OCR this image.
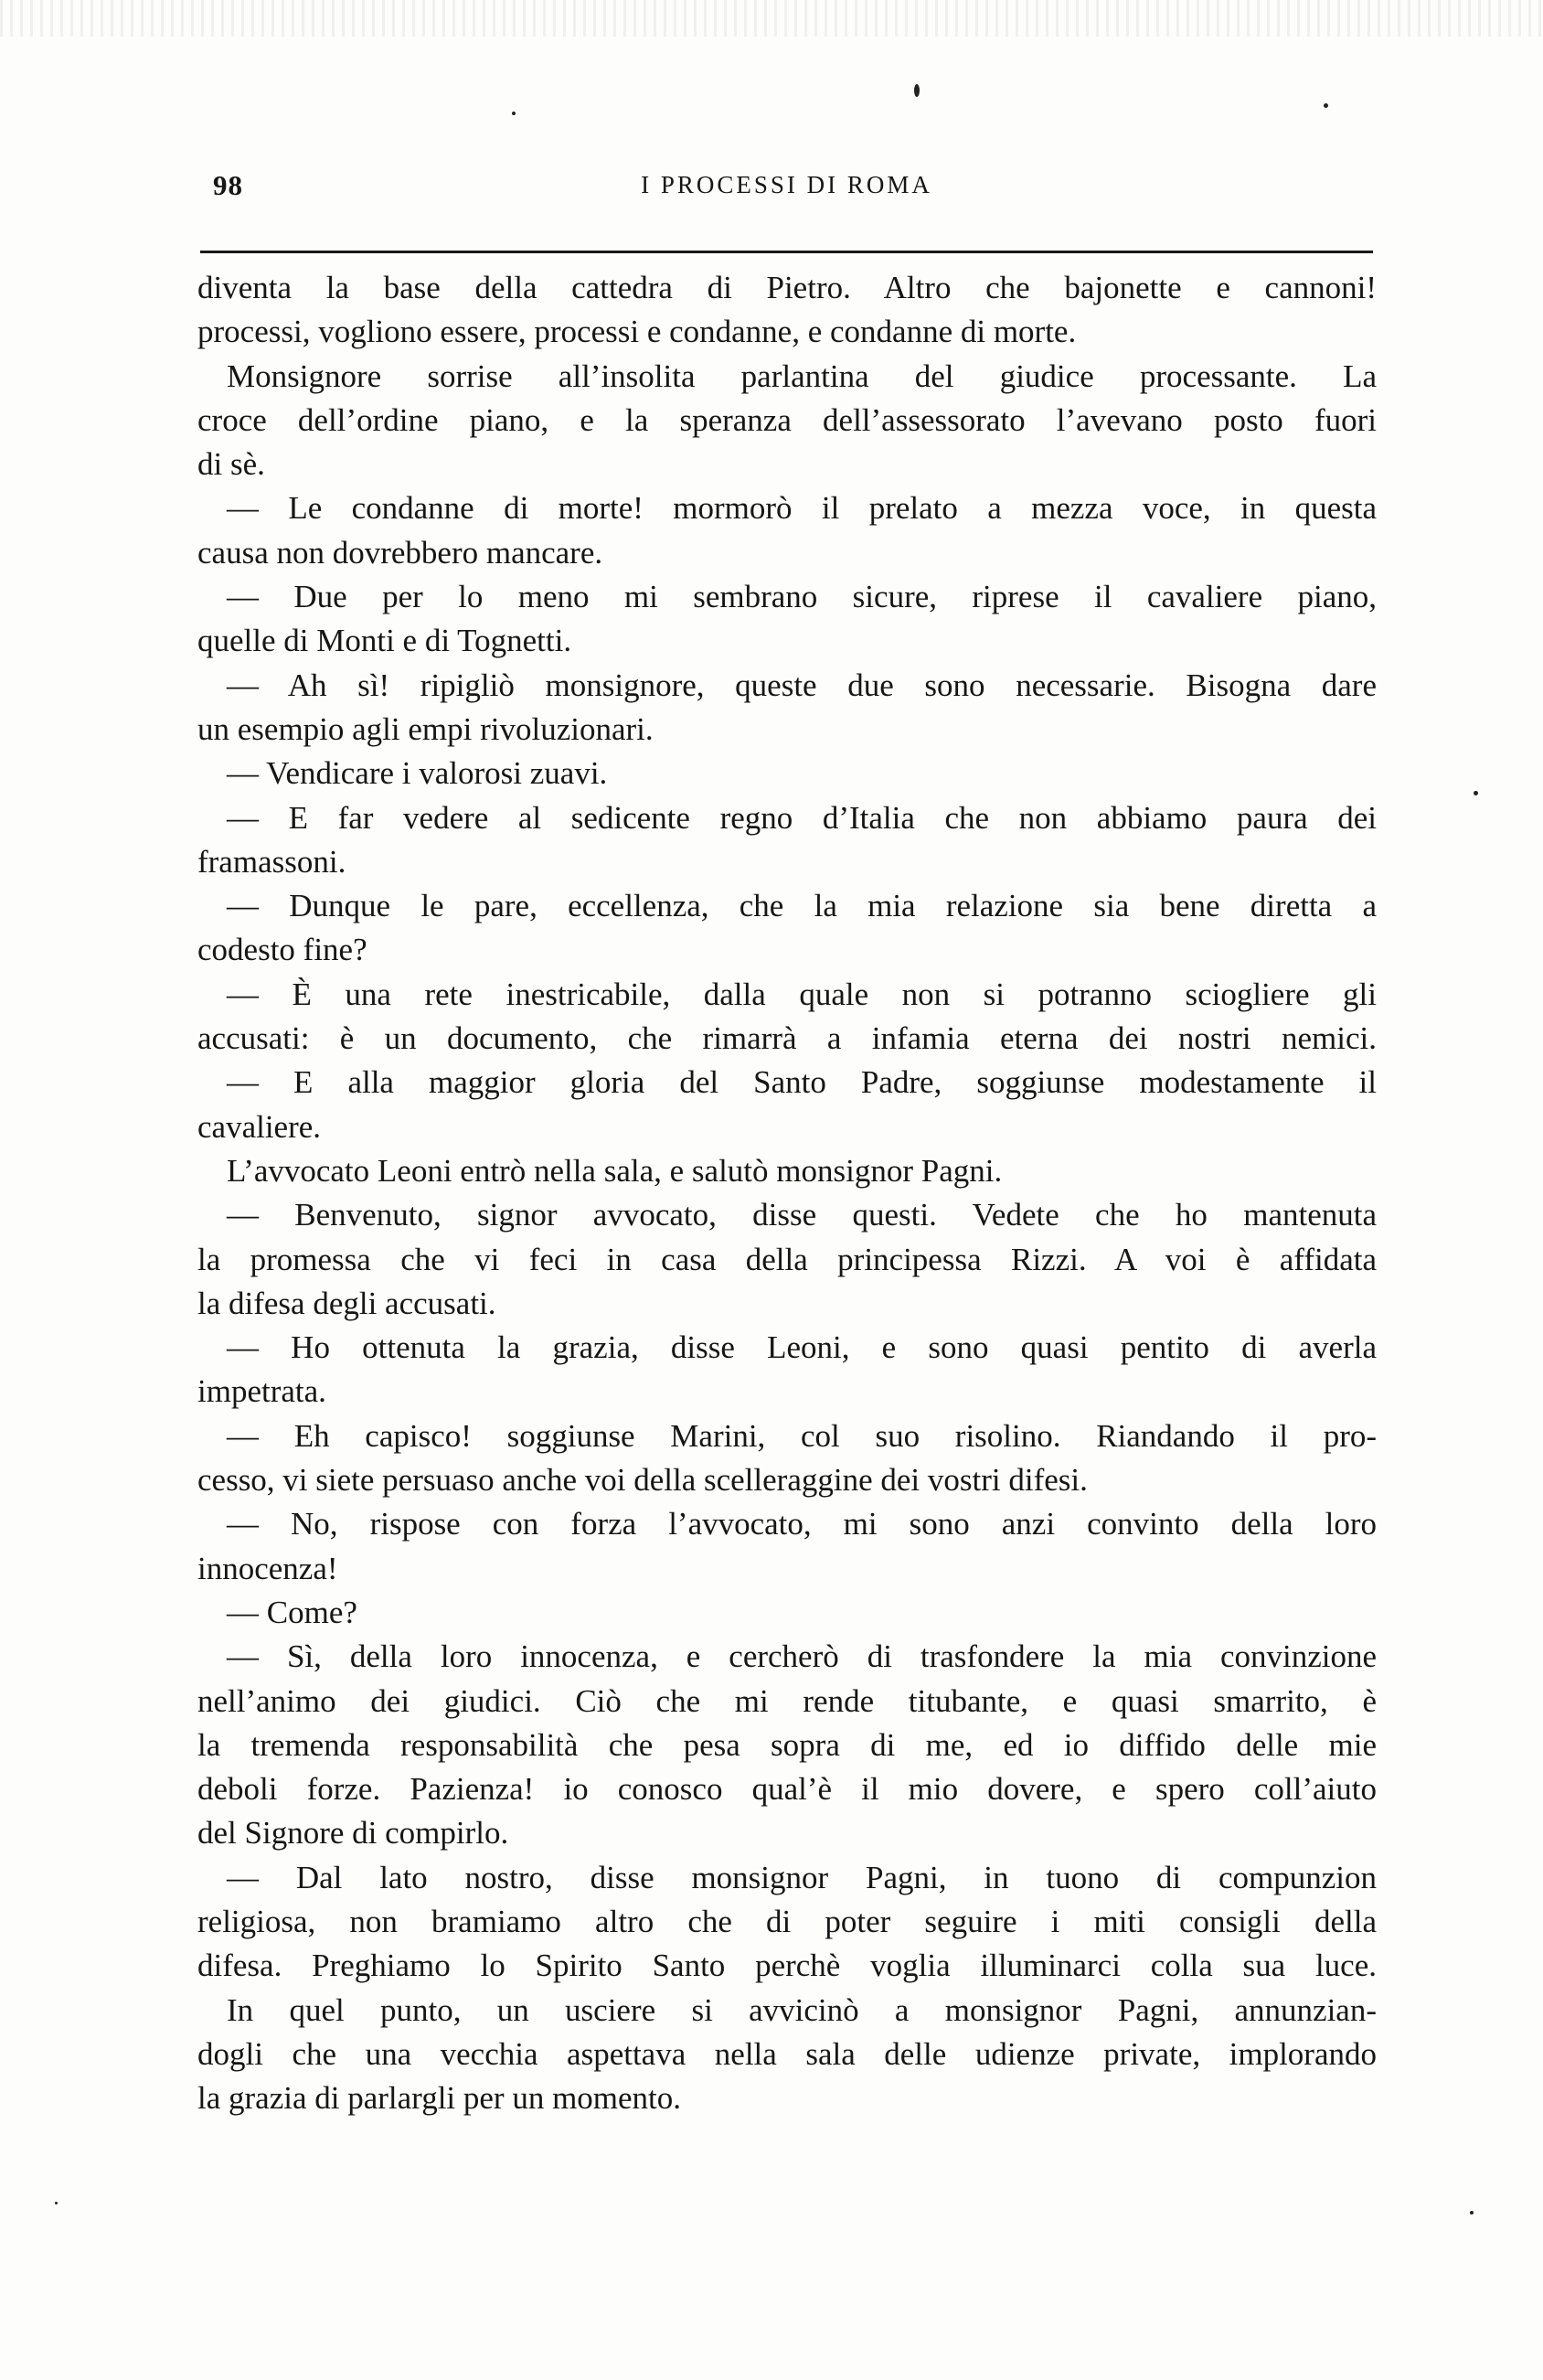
98	I PROCESSI DI ROMA
diventa la base della cattedra di Pietro. Altro che bajonette e cannoni!
processi, vogliono essere, processi e condanne, e condanne di morte.
Monsignore sorrise all’insolita parlantina del giudice processante. La
croce dell’ordine piano, e la speranza dell’assessorato l’avevano posto fuori
di sè.
— Le condanne di morte! mormorò il prelato a mezza voce, in questa
causa non dovrebbero mancare.
— Due per lo meno mi sembrano sicure, riprese il cavaliere piano,
quelle di Monti e di Tognetti.
— Ah sì! ripigliò monsignore, queste due sono necessarie. Bisogna dare
un esempio agli empi rivoluzionari.
— Vendicare i valorosi zuavi.
— E far vedere al sedicente regno d’Italia che non abbiamo paura dei
framassoni.
— Dunque le pare, eccellenza, che la mia relazione sia bene diretta a
codesto fine?
— È una rete inestricabile, dalla quale non si potranno sciogliere gli
accusati: è un documento, che rimarrà a infamia eterna dei nostri nemici.
— E alla maggior gloria del Santo Padre, soggiunse modestamente il
cavaliere.
L’avvocato Leoni entrò nella sala, e salutò monsignor Pagni.
— Benvenuto, signor avvocato, disse questi. Vedete che ho mantenuta
la promessa che vi feci in casa della principessa Rizzi. A voi è affidata
la difesa degli accusati.
— Ho ottenuta la grazia, disse Leoni, e sono quasi pentito di averla
impetrata.
— Eh capisco! soggiunse Marini, col suo risolino. Riandando il pro-
cesso, vi siete persuaso anche voi della scelleraggine dei vostri difesi.
— No, rispose con forza l’avvocato, mi sono anzi convinto della loro
innocenza!
— Come?
— Sì, della loro innocenza, e cercherò di trasfondere la mia convinzione
nell’animo dei giudici. Ciò che mi rende titubante, e quasi smarrito, è
la tremenda responsabilità che pesa sopra di me, ed io diffido delle mie
deboli forze. Pazienza! io conosco qual’è il mio dovere, e spero coll’aiuto
del Signore di compirlo.
— Dal lato nostro, disse monsignor Pagni, in tuono di compunzion
religiosa, non bramiamo altro che di poter seguire i miti consigli della
difesa. Preghiamo lo Spirito Santo perchè voglia illuminarci colla sua luce.
In quel punto, un usciere si avvicinò a monsignor Pagni, annunzian-
dogli che una vecchia aspettava nella sala delle udienze private, implorando
la grazia di parlargli per un momento.
